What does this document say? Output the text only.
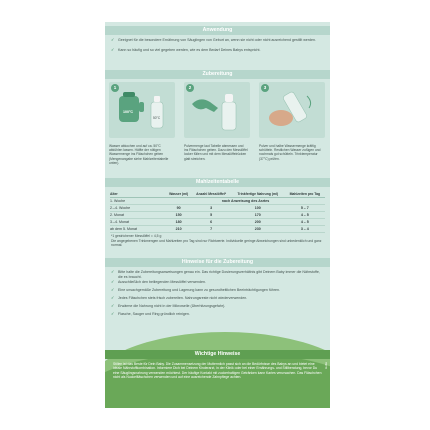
Anwendung
✓	Geeignet für die besondere Ernährung von Säuglingen von Geburt an, wenn sie nicht oder nicht ausreichend gestillt werden.
✓	Kann so häufig und so viel gegeben werden, wie es dem Bedarf Deines Babys entspricht.
Zubereitung
100°C
50°C
1	2	3
Wasser abkochen und auf ca. 50°C abkühlen lassen. Hälfte der nötigen Wassermenge ins Fläschchen geben (Mengenangabe siehe Mahlzeitentabelle unten).
Pulvermenge laut Tabelle abmessen und ins Fläschchen geben. Dazu den Messlöffel locker füllen und mit dem Messlöffelrücken glatt streichen.
Pulver und halbe Wassermenge kräftig schütteln. Restlichen Wasser zufügen und nochmals gut schütteln. Trinktemperatur (37°C) prüfen.
Mahlzeitentabelle
Alter	Wasser (ml)	Anzahl Messlöffel*	Trinkfertige Nahrung (ml)	Mahlzeiten pro Tag
1. Woche	nach Anweisung des Arztes			
2.–4. Woche	90	3	100	5 – 7
2. Monat	150	5	170	4 – 5
3.–4. Monat	180	6	200	4 – 5
ab dem 5. Monat	210	7	230	3 – 4
*1 gestrichener Messlöffel = 4,5 g
Die angegebenen Trinkmengen und Mahlzeiten pro Tag sind nur Richtwerte. Individuelle geringe Abweichungen sind unbedenklich und ganz normal.
Hinweise für die Zubereitung
✓	Bitte halte die Zubereitungsanweisungen genau ein. Das richtige Dosierungsverhältnis gibt Deinem Baby immer die Nährstoffe, die es braucht.
✓	Ausschließlich den beiliegenden Messlöffel verwenden.
✓	Eine unsachgemäße Zubereitung und Lagerung kann zu gesundheitlichen Beeinträchtigungen führen.
✓	Jedes Fläschchen stets frisch zubereiten. Nahrungsreste nicht wiederverwenden.
✓	Erwärme die Nahrung nicht in der Mikrowelle (Überhitzungsgefahr).
✓	Flasche, Sauger und Ring gründlich reinigen.
Wichtige Hinweise
Stillen ist das Beste für Dein Baby. Die Zusammensetzung der Muttermilch passt sich an die Bedürfnisse des Babys an und bietet eine ideale Nährstoffkombination. Informiere Dich bei Deinem Kinderarzt, in der Klinik oder bei einer Ernährungs- und Stillberatung, bevor Du eine Säuglingsnahrung verwenden möchtest. Der häufige Kontakt mit zuckerhaltigen Getränken kann Karies verursachen. Das Fläschchen nicht als Nuckelfläschchen verwenden und auf eine ausreichende Zahnpflege achten.
Holle
